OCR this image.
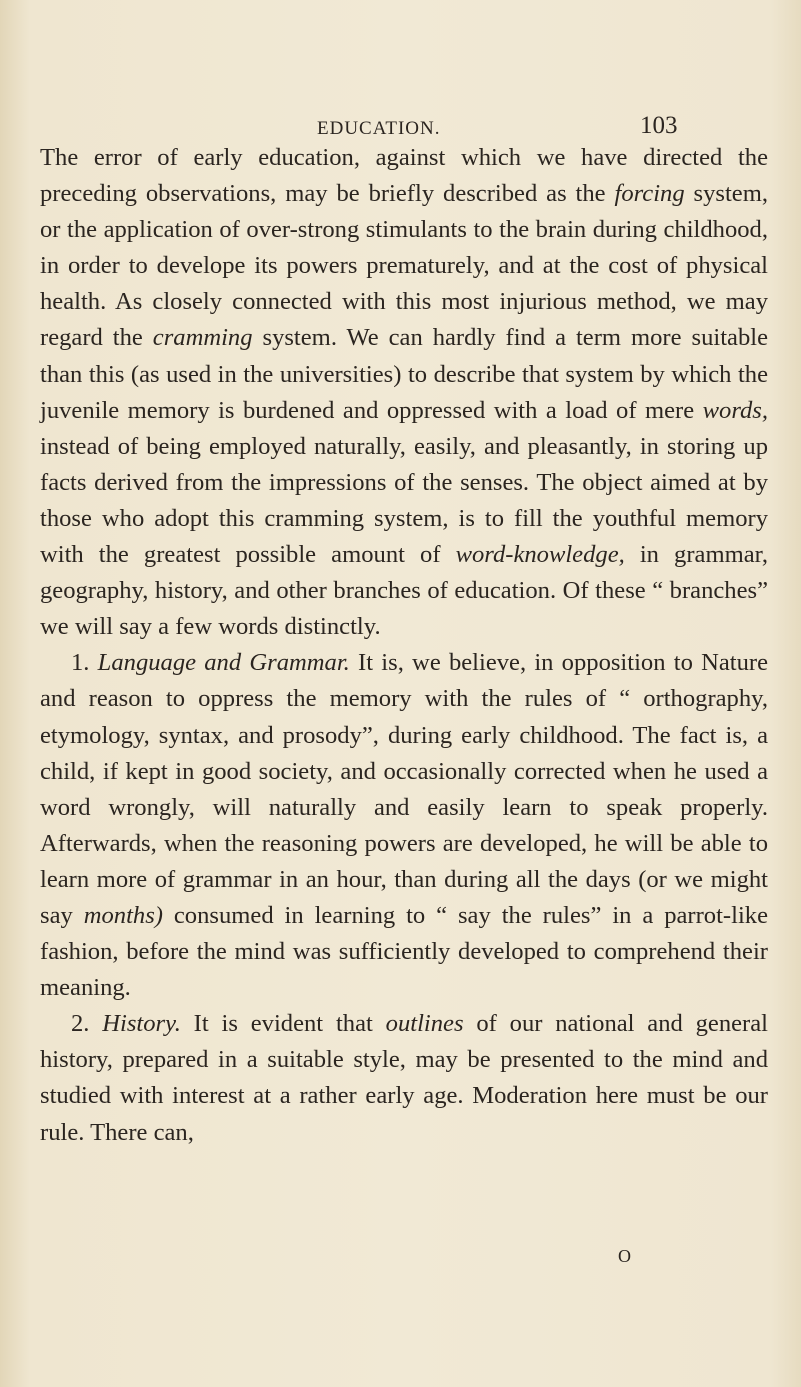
EDUCATION.	103

The error of early education, against which we have directed the preceding observations, may be briefly described as the forcing system, or the application of over-strong stimulants to the brain during childhood, in order to develope its powers prematurely, and at the cost of physical health. As closely connected with this most injurious method, we may regard the cramming system. We can hardly find a term more suitable than this (as used in the universities) to describe that system by which the juvenile memory is burdened and oppressed with a load of mere words, instead of being employed naturally, easily, and pleasantly, in storing up facts derived from the impressions of the senses. The object aimed at by those who adopt this cramming system, is to fill the youthful memory with the greatest possible amount of word-knowledge, in grammar, geography, history, and other branches of education. Of these “ branches” we will say a few words distinctly.

1. Language and Grammar. It is, we believe, in opposition to Nature and reason to oppress the memory with the rules of “ orthography, etymology, syntax, and prosody”, during early childhood. The fact is, a child, if kept in good society, and occasionally corrected when he used a word wrongly, will naturally and easily learn to speak properly. Afterwards, when the reasoning powers are developed, he will be able to learn more of grammar in an hour, than during all the days (or we might say months) consumed in learning to “ say the rules” in a parrot-like fashion, before the mind was sufficiently developed to comprehend their meaning.

2. History. It is evident that outlines of our national and general history, prepared in a suitable style, may be presented to the mind and studied with interest at a rather early age. Moderation here must be our rule. There can,

O
